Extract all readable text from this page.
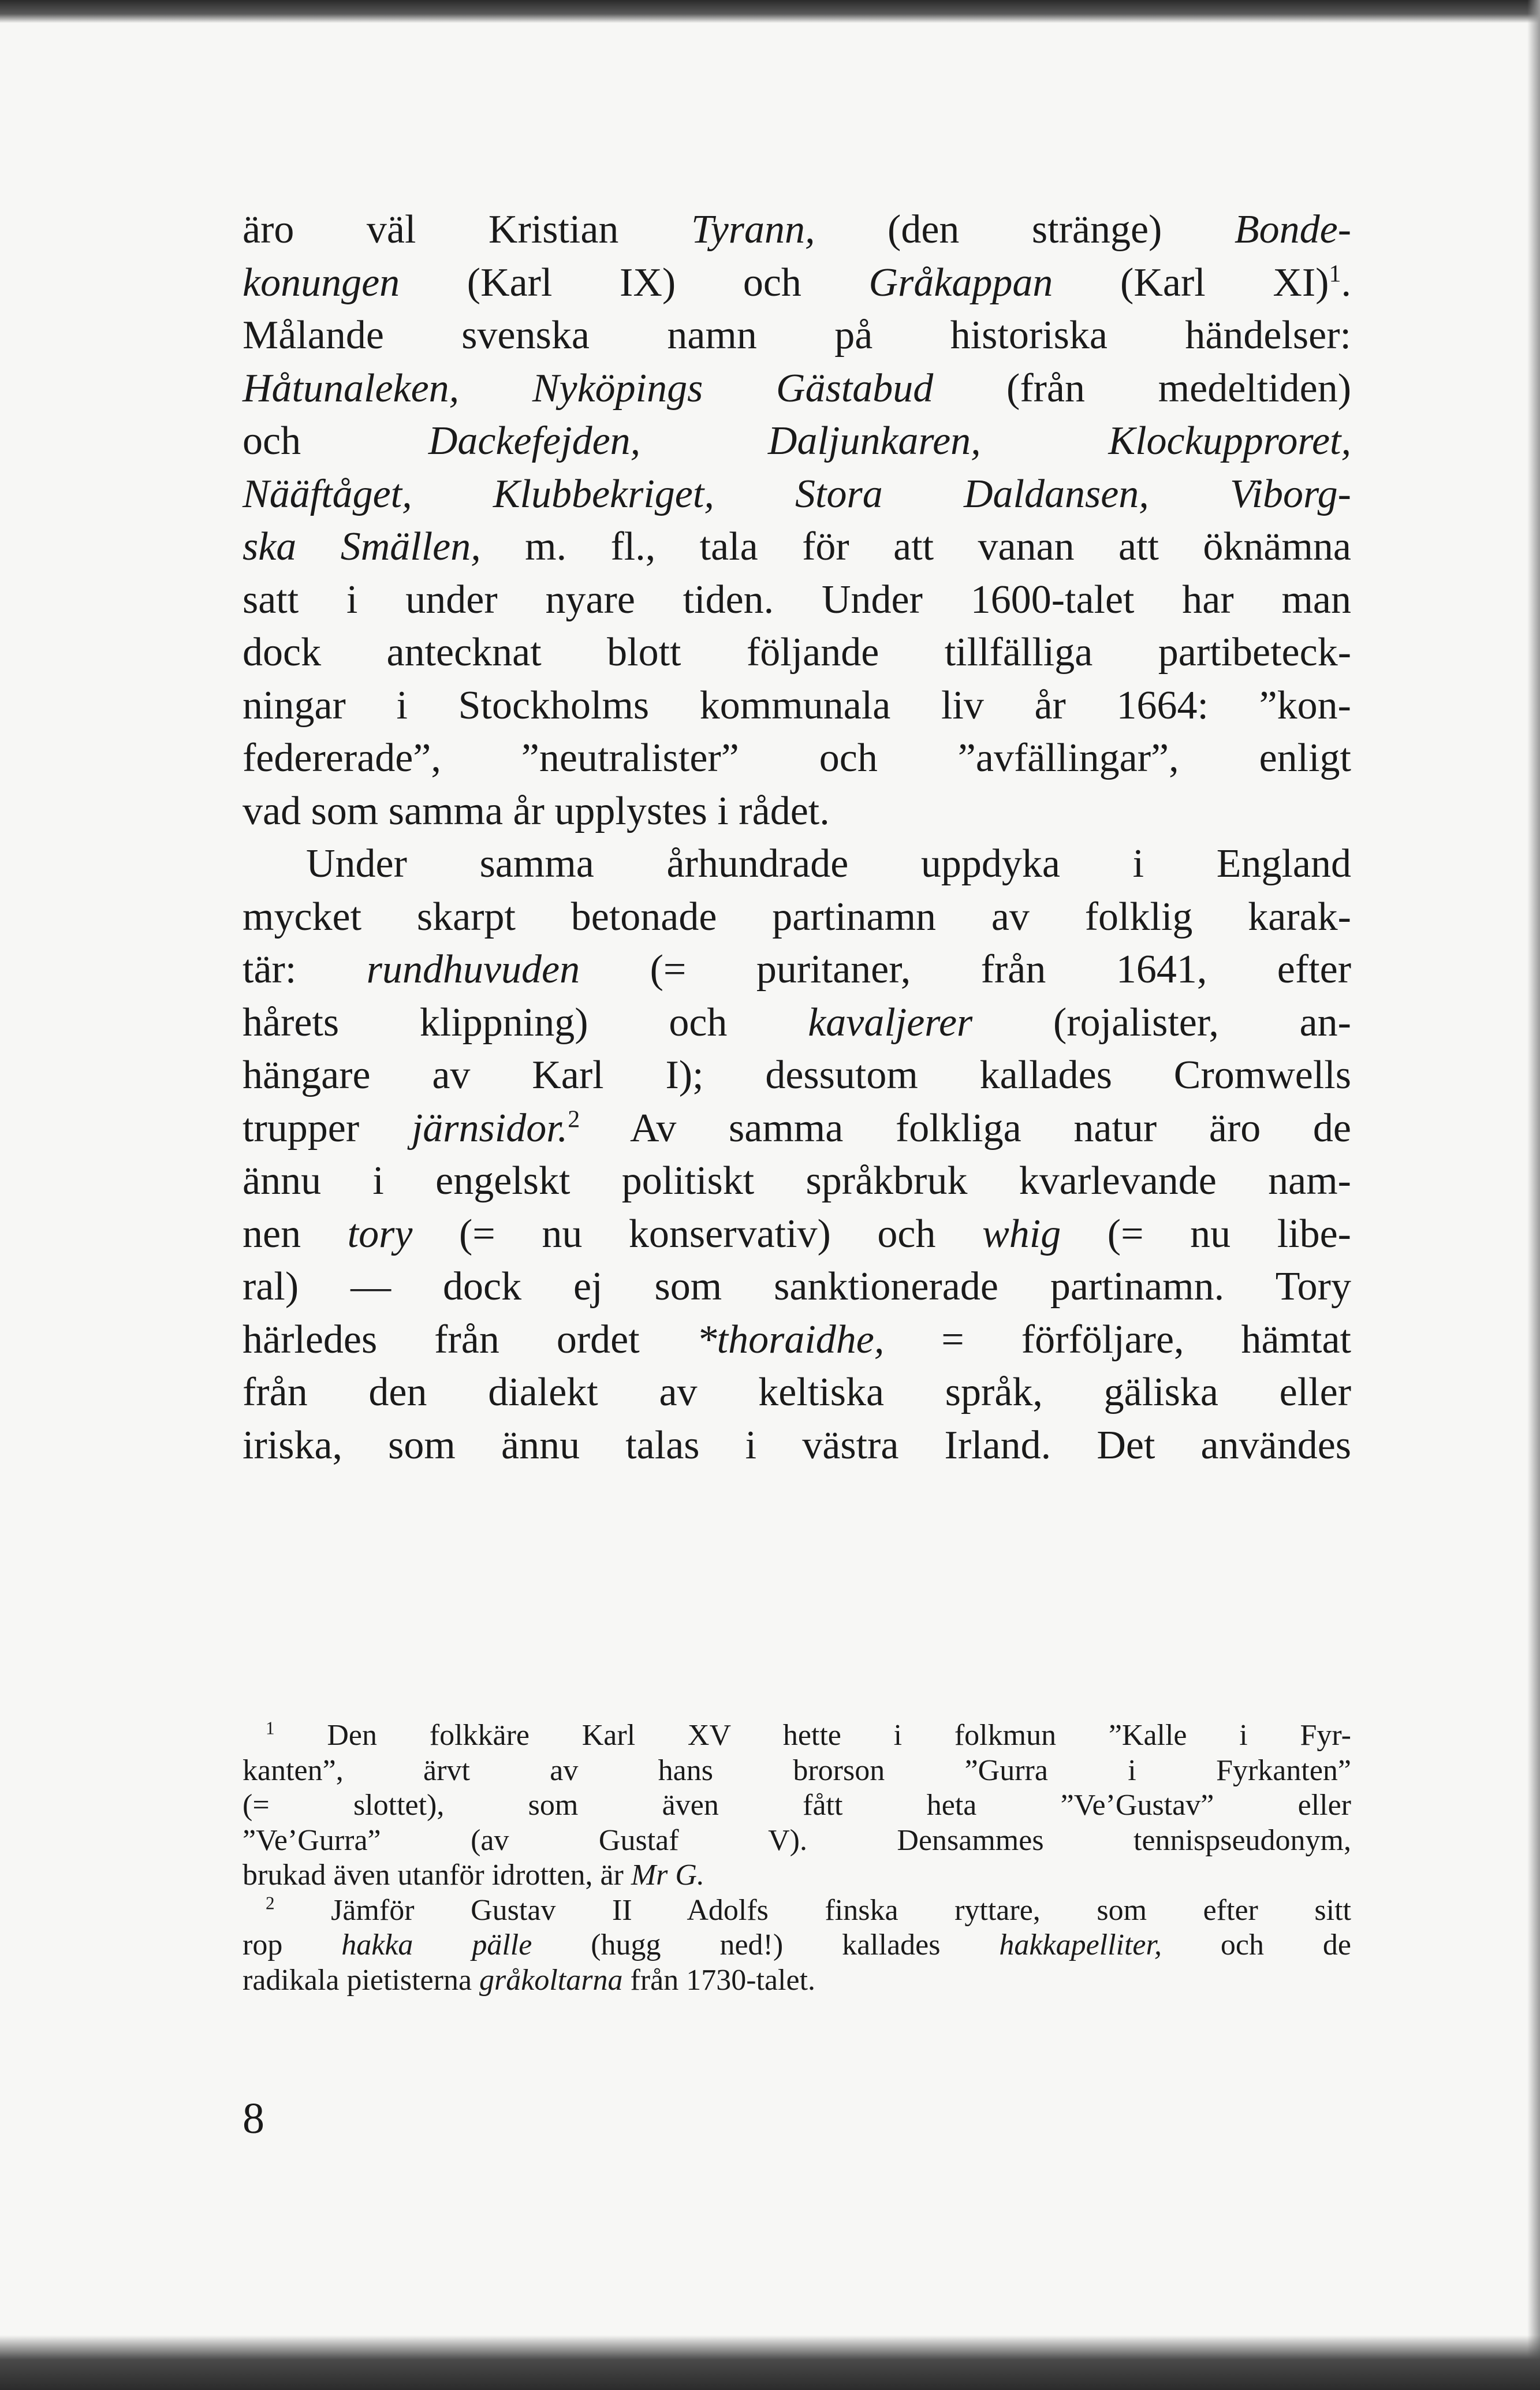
äro väl Kristian Tyrann, (den stränge) Bonde-
konungen (Karl IX) och Gråkappan (Karl XI)$^1$.
Målande svenska namn på historiska händelser:
Håtunaleken, Nyköpings Gästabud (från medeltiden)
och Dackefejden, Daljunkaren, Klockupproret,
Nääftåget, Klubbekriget, Stora Daldansen, Viborg-
ska Smällen, m. fl., tala för att vanan att öknämna
satt i under nyare tiden. Under 1600-talet har man
dock antecknat blott följande tillfälliga partibeteck-
ningar i Stockholms kommunala liv år 1664: ”kon-
federerade”, ”neutralister” och ”avfällingar”, enligt
vad som samma år upplystes i rådet.
Under samma århundrade uppdyka i England
mycket skarpt betonade partinamn av folklig karak-
tär: rundhuvuden (= puritaner, från 1641, efter
hårets klippning) och kavaljerer (rojalister, an-
hängare av Karl I); dessutom kallades Cromwells
trupper järnsidor.$^2$ Av samma folkliga natur äro de
ännu i engelskt politiskt språkbruk kvarlevande nam-
nen tory (= nu konservativ) och whig (= nu libe-
ral) — dock ej som sanktionerade partinamn. Tory
härledes från ordet *thoraidhe, = förföljare, hämtat
från den dialekt av keltiska språk, gäliska eller
iriska, som ännu talas i västra Irland. Det användes
$^1$ Den folkkäre Karl XV hette i folkmun ”Kalle i Fyr-
kanten”, ärvt av hans brorson ”Gurra i Fyrkanten”
(= slottet), som även fått heta ”Ve’Gustav” eller
”Ve’Gurra” (av Gustaf V). Densammes tennispseudonym,
brukad även utanför idrotten, är Mr G.
$^2$ Jämför Gustav II Adolfs finska ryttare, som efter sitt
rop hakka pälle (hugg ned!) kallades hakkapelliter, och de
radikala pietisterna gråkoltarna från 1730-talet.
8
